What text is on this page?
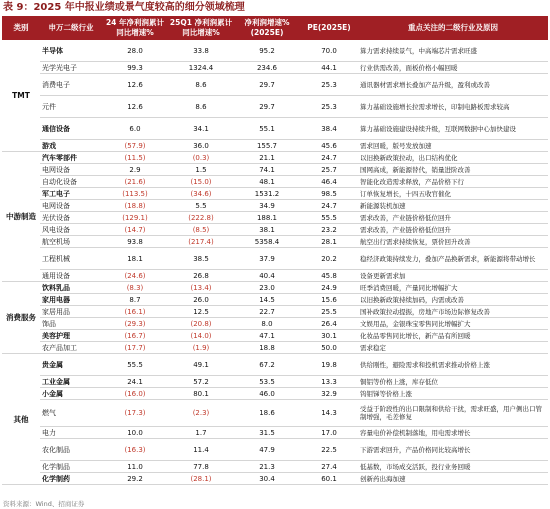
表 9：2025 年中报业绩或景气度较高的细分领域梳理
类别	申万二级行业	24 年净利润累计同比增速%	25Q1 净利润累计同比增速%	净利润增速%(2025E)	PE(2025E)	重点关注的二级行业及原因
TMT	半导体	28.0	33.8	95.2	70.0	算力需求持续景气，中高端芯片需求旺盛
	光学光电子	99.3	1324.4	234.6	44.1	行业供需改善，面板价格小幅回暖
	消费电子	12.6	8.6	29.7	25.3	通讯器材需求增长叠加产品升级，盈利或改善
	元件	12.6	8.6	29.7	25.3	算力基础设施增长拉需求增长，印制电路板需求较高
	通信设备	6.0	34.1	55.1	38.4	算力基础设施建设持续升级，互联网数据中心加快建设
	游戏	(57.9)	36.0	155.7	45.6	需求回暖，版号发放加速
中游制造	汽车零部件	(11.5)	(0.3)	21.1	24.7	以旧换新政策拉动，出口结构优化
	电网设备	2.9	1.5	74.1	25.7	国网高成，新能源替代，销量进阶改善
	自动化设备	(21.6)	(15.0)	48.1	46.4	智能化改造需求释放，产品价格下行
	军工电子	(113.5)	(34.6)	1531.2	98.5	订单恢复增长，十四五收官催化
	电网设备	(18.8)	5.5	34.9	24.7	新能源装机加速
	光伏设备	(129.1)	(222.8)	188.1	55.5	需求改善，产业链价格低位回升
	风电设备	(14.7)	(8.5)	38.1	23.2	需求改善，产业链价格低位回升
	航空机场	93.8	(217.4)	5358.4	28.1	航空出行需求持续恢复，票价回升改善
	工程机械	18.1	38.5	37.9	20.2	稳经济政策持续发力，叠加产品换新需求，新能源将带动增长
	通用设备	(24.6)	26.8	40.4	45.8	设备更新需求加
消费服务	饮料乳品	(8.3)	(13.4)	23.0	24.9	旺季消费回暖，产量同比增幅扩大
	家用电器	8.7	26.0	14.5	15.6	以旧换新政策持续加码，内需或改善
	家居用品	(16.1)	12.5	22.7	25.5	国补政策拉动提振，房地产市场边际修复改善
	饰品	(29.3)	(20.8)	8.0	26.4	文娱用品，金银珠宝零售同比增幅扩大
	美容护理	(16.7)	(14.0)	47.1	30.1	化妆品零售同比增长，新产品有所回暖
	农产品加工	(17.7)	(1.9)	18.8	50.0	需求稳定
其他	贵金属	55.5	49.1	67.2	19.8	供给刚性，避险需求和投机需求推动价格上涨
	工业金属	24.1	57.2	53.5	13.3	铜铝等价格上涨，库存低位
	小金属	(16.0)	80.1	46.0	32.9	钨钼锑等价格上涨
	燃气	(17.3)	(2.3)	18.6	14.3	受益于阶段性的出口限制和供给干扰，需求旺盛，用户侧出口管制增强，毛差修复
	电力	10.0	1.7	31.5	17.0	容量电价补偿机制落地，用电需求增长
	农化制品	(16.3)	11.4	47.9	22.5	下游需求回升，产品价格同比较高增长
	化学制品	11.0	77.8	21.3	27.4	低基数，市场成交活跃，投行业务回暖
	化学制药	29.2	(28.1)	30.4	60.1	创新药出海加速
资料来源：Wind、招商证券
